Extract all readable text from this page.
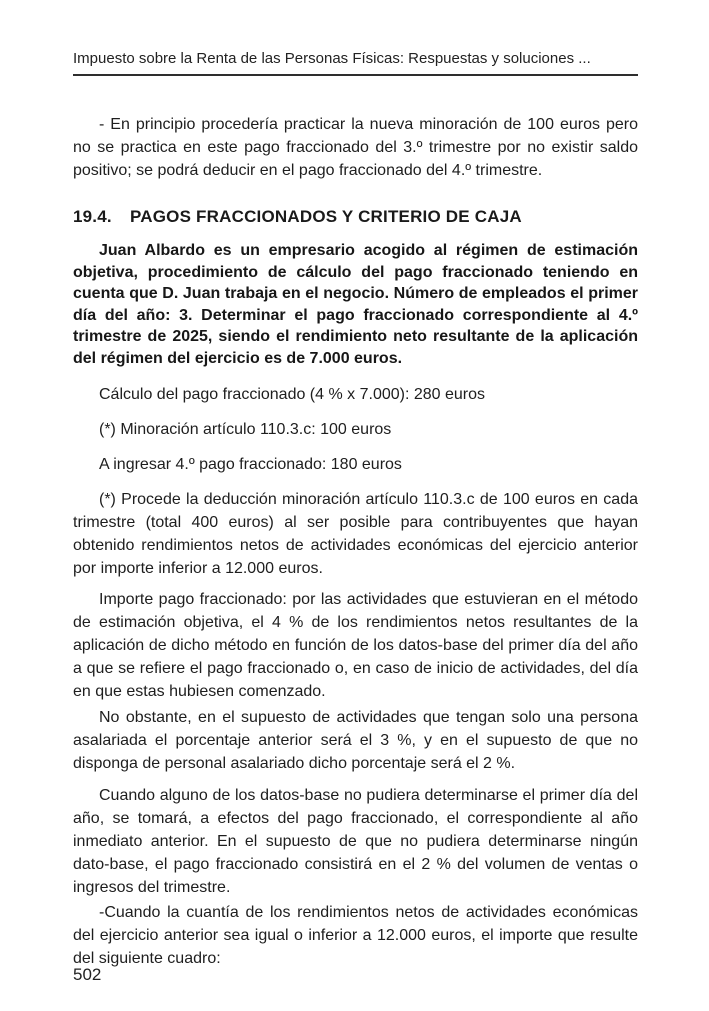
Impuesto sobre la Renta de las Personas Físicas: Respuestas y soluciones ...

- En principio procedería practicar la nueva minoración de 100 euros pero no se practica en este pago fraccionado del 3.º trimestre por no existir saldo positivo; se podrá deducir en el pago fraccionado del 4.º trimestre.

19.4.	PAGOS FRACCIONADOS Y CRITERIO DE CAJA

Juan Albardo es un empresario acogido al régimen de estimación objetiva, procedimiento de cálculo del pago fraccionado teniendo en cuenta que D. Juan trabaja en el negocio. Número de empleados el primer día del año: 3. Determinar el pago fraccionado correspondiente al 4.º trimestre de 2025, siendo el rendimiento neto resultante de la aplicación del régimen del ejercicio es de 7.000 euros.

Cálculo del pago fraccionado (4 % x 7.000): 280 euros

(*) Minoración artículo 110.3.c: 100 euros

A ingresar 4.º pago fraccionado: 180 euros

(*) Procede la deducción minoración artículo 110.3.c de 100 euros en cada trimestre (total 400 euros) al ser posible para contribuyentes que hayan obtenido rendimientos netos de actividades económicas del ejercicio anterior por importe inferior a 12.000 euros.

Importe pago fraccionado: por las actividades que estuvieran en el método de estimación objetiva, el 4 % de los rendimientos netos resultantes de la aplicación de dicho método en función de los datos-base del primer día del año a que se refiere el pago fraccionado o, en caso de inicio de actividades, del día en que estas hubiesen comenzado.

No obstante, en el supuesto de actividades que tengan solo una persona asalariada el porcentaje anterior será el 3 %, y en el supuesto de que no disponga de personal asalariado dicho porcentaje será el 2 %.

Cuando alguno de los datos-base no pudiera determinarse el primer día del año, se tomará, a efectos del pago fraccionado, el correspondiente al año inmediato anterior. En el supuesto de que no pudiera determinarse ningún dato-base, el pago fraccionado consistirá en el 2 % del volumen de ventas o ingresos del trimestre.

-Cuando la cuantía de los rendimientos netos de actividades económicas del ejercicio anterior sea igual o inferior a 12.000 euros, el importe que resulte del siguiente cuadro:

502
